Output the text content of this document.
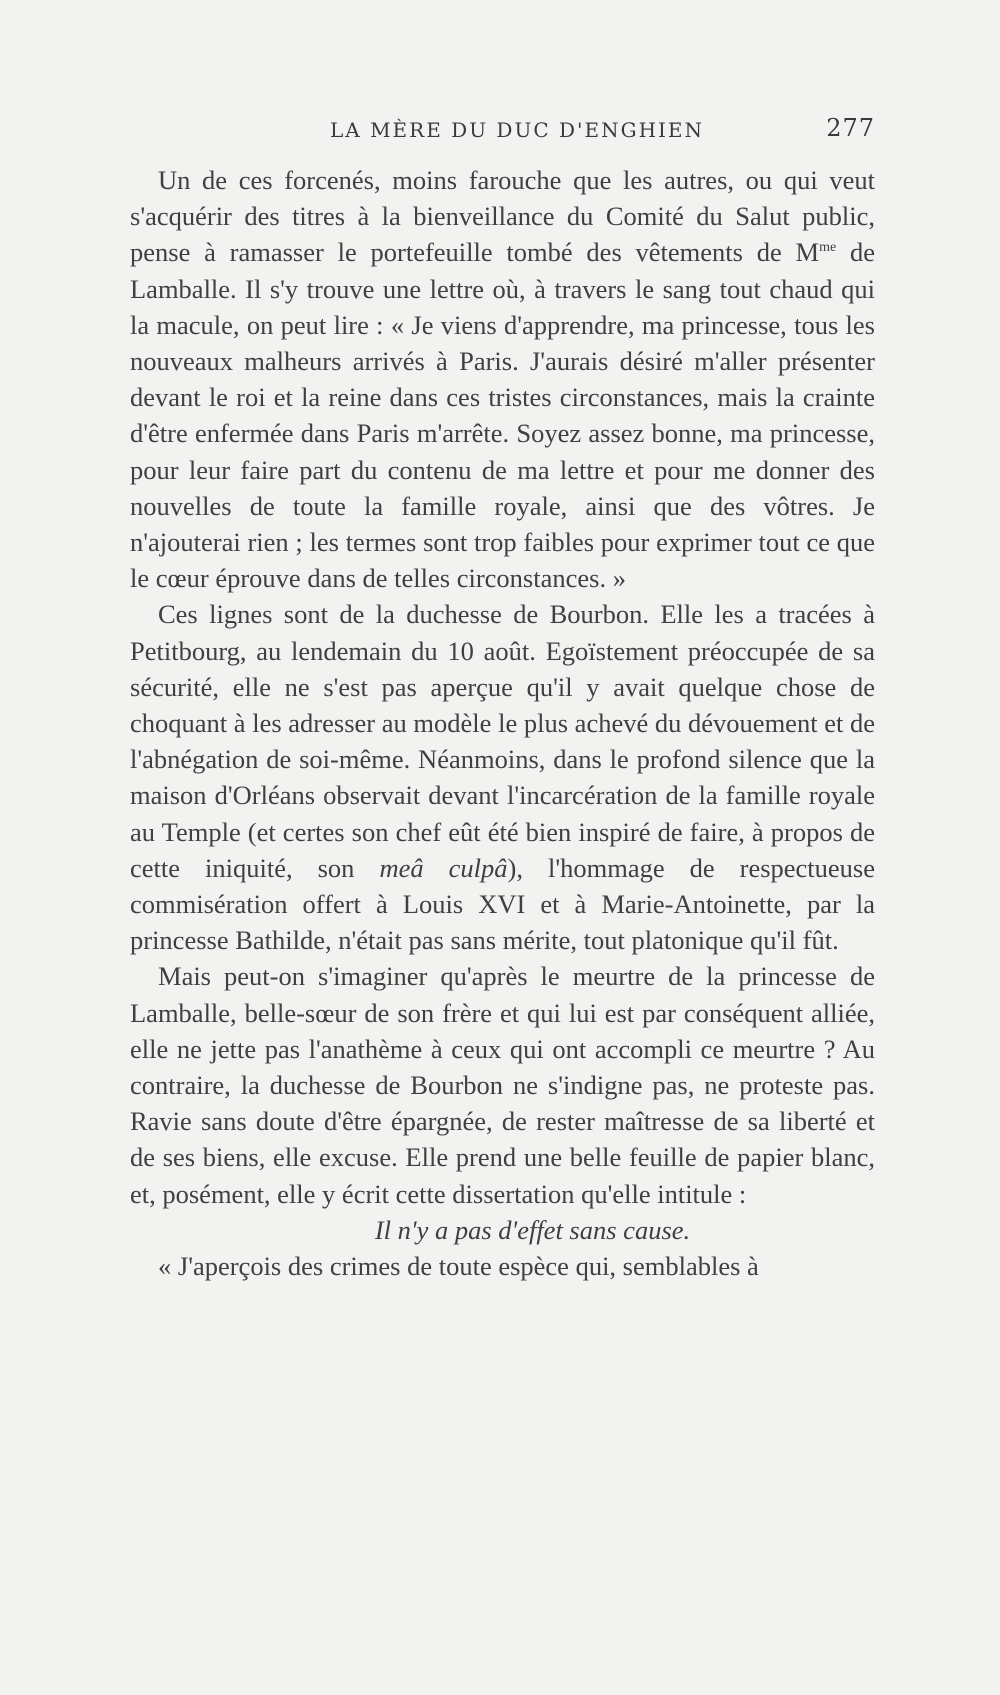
LA MÈRE DU DUC D'ENGHIEN	277

Un de ces forcenés, moins farouche que les autres, ou qui veut s'acquérir des titres à la bienveillance du Comité du Salut public, pense à ramasser le portefeuille tombé des vêtements de $M^{me}$ de Lamballe. Il s'y trouve une lettre où, à travers le sang tout chaud qui la macule, on peut lire : « Je viens d'apprendre, ma princesse, tous les nouveaux malheurs arrivés à Paris. J'aurais désiré m'aller présenter devant le roi et la reine dans ces tristes circonstances, mais la crainte d'être enfermée dans Paris m'arrête. Soyez assez bonne, ma princesse, pour leur faire part du contenu de ma lettre et pour me donner des nouvelles de toute la famille royale, ainsi que des vôtres. Je n'ajouterai rien ; les termes sont trop faibles pour exprimer tout ce que le cœur éprouve dans de telles circonstances. »

Ces lignes sont de la duchesse de Bourbon. Elle les a tracées à Petitbourg, au lendemain du 10 août. Egoïstement préoccupée de sa sécurité, elle ne s'est pas aperçue qu'il y avait quelque chose de choquant à les adresser au modèle le plus achevé du dévouement et de l'abnégation de soi-même. Néanmoins, dans le profond silence que la maison d'Orléans observait devant l'incarcération de la famille royale au Temple (et certes son chef eût été bien inspiré de faire, à propos de cette iniquité, son meâ culpâ), l'hommage de respectueuse commisération offert à Louis XVI et à Marie-Antoinette, par la princesse Bathilde, n'était pas sans mérite, tout platonique qu'il fût.

Mais peut-on s'imaginer qu'après le meurtre de la princesse de Lamballe, belle-sœur de son frère et qui lui est par conséquent alliée, elle ne jette pas l'anathème à ceux qui ont accompli ce meurtre ? Au contraire, la duchesse de Bourbon ne s'indigne pas, ne proteste pas. Ravie sans doute d'être épargnée, de rester maîtresse de sa liberté et de ses biens, elle excuse. Elle prend une belle feuille de papier blanc, et, posément, elle y écrit cette dissertation qu'elle intitule :

Il n'y a pas d'effet sans cause.

« J'aperçois des crimes de toute espèce qui, semblables à
